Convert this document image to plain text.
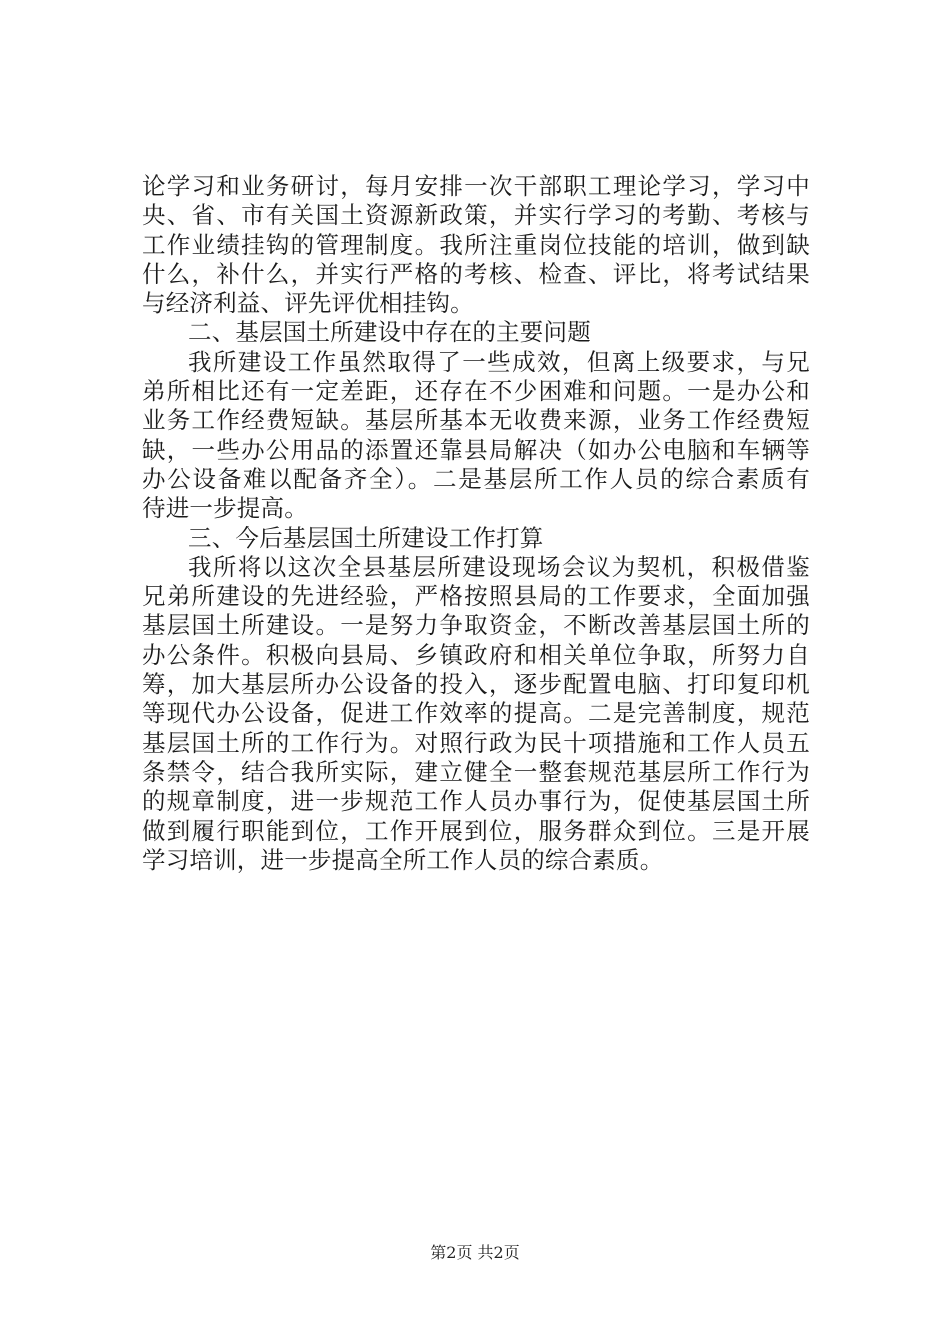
论学习和业务研讨，每月安排一次干部职工理论学习，学习中
央、省、市有关国土资源新政策，并实行学习的考勤、考核与
工作业绩挂钩的管理制度。我所注重岗位技能的培训，做到缺
什么，补什么，并实行严格的考核、检查、评比，将考试结果
与经济利益、评先评优相挂钩。
二、基层国土所建设中存在的主要问题
我所建设工作虽然取得了一些成效，但离上级要求，与兄
弟所相比还有一定差距，还存在不少困难和问题。一是办公和
业务工作经费短缺。基层所基本无收费来源，业务工作经费短
缺，一些办公用品的添置还靠县局解决（如办公电脑和车辆等
办公设备难以配备齐全）。二是基层所工作人员的综合素质有
待进一步提高。
三、今后基层国土所建设工作打算
我所将以这次全县基层所建设现场会议为契机，积极借鉴
兄弟所建设的先进经验，严格按照县局的工作要求，全面加强
基层国土所建设。一是努力争取资金，不断改善基层国土所的
办公条件。积极向县局、乡镇政府和相关单位争取，所努力自
筹，加大基层所办公设备的投入，逐步配置电脑、打印复印机
等现代办公设备，促进工作效率的提高。二是完善制度，规范
基层国土所的工作行为。对照行政为民十项措施和工作人员五
条禁令，结合我所实际，建立健全一整套规范基层所工作行为
的规章制度，进一步规范工作人员办事行为，促使基层国土所
做到履行职能到位，工作开展到位，服务群众到位。三是开展
学习培训，进一步提高全所工作人员的综合素质。
第2页 共2页
